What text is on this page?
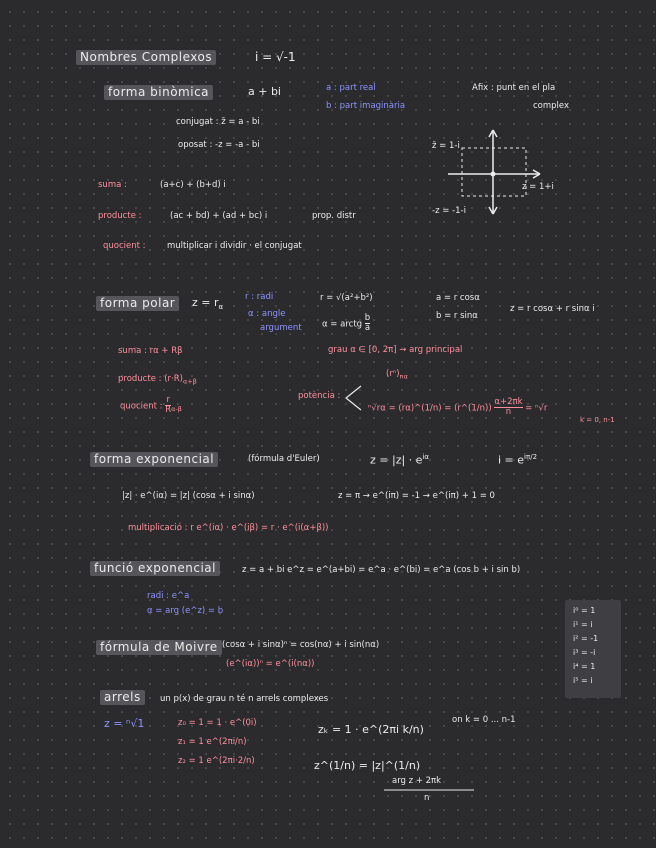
Nombres Complexos	i = √-1
forma binòmica	a + bi	a : part real
b : part imaginària
Afix : punt en el pla
complex
conjugat : z̄ = a - bi
oposat : -z = -a - bi	z̄ = 1-i
z = 1+i
-z = -1-i
suma :	(a+c) + (b+d) i
producte :	(ac + bd) + (ad + bc) i	prop. distr
quocient :	multiplicar i dividir · el conjugat
forma polar	$z = r_\alpha$
r : radi
α : angle
argument
r = √(a²+b²)
α = arctg $\frac{b}{a}$
a = r cosα
b = r sinα
z = r cosα + r sinα i
suma : rα + Rβ	grau α ∈ [0, 2π] → arg principal
producte : $(r\cdot R)_{\alpha+\beta}$
quocient : $\frac{r}{R} _{\alpha-\beta}$
potència :
$(r^n)_{n\alpha}$
ⁿ√rα = (rα)^(1/n) = (r^(1/n)) $\frac{\alpha+2\pi k}{n} = ^n√r$
k = 0, n-1
forma exponencial	(fórmula d'Euler)	$z = |z| \cdot e^{i\alpha}$	$i = e^{i\pi/2}$
|z| · e^(iα) = |z| (cosα + i sinα)	z = π → e^(iπ) = -1 → e^(iπ) + 1 = 0
multiplicació : r e^(iα) · e^(iβ) = r · e^(i(α+β))
funció exponencial	z = a + bi e^z = e^(a+bi) = e^a · e^(bi) = e^a (cos b + i sin b)
radi : e^a
α = arg (e^z) = b	i⁰ = 1
i¹ = i
i² = -1
i³ = -i
i⁴ = 1
i⁵ = i
fórmula de Moivre (cosα + i sinα)ⁿ = cos(nα) + i sin(nα)
(e^(iα))ⁿ = e^(i(nα))
arrels	un p(x) de grau n té n arrels complexes
z = ⁿ√1	z₀ = 1 = 1 · e^(0i)
z₁ = 1 e^(2πi/n)
z₂ = 1 e^(2πi·2/n)
zₖ = 1 · e^(2πi k/n)
on k = 0 ... n-1
z^(1/n) = |z|^(1/n)
arg z + 2πk
n
